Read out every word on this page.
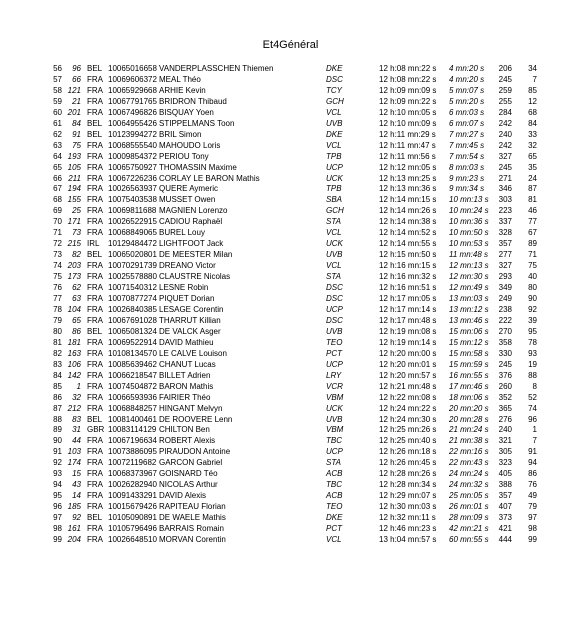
Et4Général
56	96 BEL 10065016658 VANDERPLASSCHEN Thiemen	DKE	12 h:08 mn:22 s 4 mn:20 s	206	34
57	66 FRA 10069606372 MEAL Théo	DSC	12 h:08 mn:22 s 4 mn:20 s	245	7
58 121 FRA 10065929668 ARHIE Kevin	TCY	12 h:09 mn:09 s 5 mn:07 s	259	85
59	21 FRA 10067791765 BRIDRON Thibaud	GCH	12 h:09 mn:22 s 5 mn:20 s	255	12
60 201 FRA 10067496826 BISQUAY Yoen	VCL	12 h:10 mn:05 s 6 mn:03 s	284	68
61	84 BEL 10064955426 STIPPELMANS Toon	UVB	12 h:10 mn:09 s 6 mn:07 s	242	84
62	91 BEL 10123994272 BRIL Simon	DKE	12 h:11 mn:29 s 7 mn:27 s	240	33
63	75 FRA 10068555540 MAHOUDO Loris	VCL	12 h:11 mn:47 s 7 mn:45 s	242	32
64 193 FRA 10009854372 PERIOU Tony	TPB	12 h:11 mn:56 s 7 mn:54 s	327	65
65 105 FRA 10065750927 THOMASSIN Maxime	UCP	12 h:12 mn:05 s 8 mn:03 s	245	35
66 211 FRA 10067226236 CORLAY LE BARON Mathis	UCK	12 h:13 mn:25 s 9 mn:23 s	271	24
67 194 FRA 10026563937 QUERE Aymeric	TPB	12 h:13 mn:36 s 9 mn:34 s	346	87
68 155 FRA 10075403538 MUSSET Owen	SBA	12 h:14 mn:15 s 10 mn:13 s	303	81
69	25 FRA 10069811688 MAGNIEN Lorenzo	GCH	12 h:14 mn:26 s 10 mn:24 s	223	46
70 171 FRA 10026522915 CADIOU Raphaël	STA	12 h:14 mn:38 s 10 mn:36 s	337	77
71	73 FRA 10068849065 BUREL Louy	VCL	12 h:14 mn:52 s 10 mn:50 s	328	67
72 215 IRL 10129484472 LIGHTFOOT Jack	UCK	12 h:14 mn:55 s 10 mn:53 s	357	89
73	82 BEL 10065020801 DE MEESTER Milan	UVB	12 h:15 mn:50 s 11 mn:48 s	277	71
74 203 FRA 10070291739 DREANO Victor	VCL	12 h:16 mn:15 s 12 mn:13 s	327	75
75 173 FRA 10025578880 CLAUSTRE Nicolas	STA	12 h:16 mn:32 s 12 mn:30 s	293	40
76	62 FRA 10071540312 LESNE Robin	DSC	12 h:16 mn:51 s 12 mn:49 s	349	80
77	63 FRA 10070877274 PIQUET Dorian	DSC	12 h:17 mn:05 s 13 mn:03 s	249	90
78 104 FRA 10026840385 LESAGE Corentin	UCP	12 h:17 mn:14 s 13 mn:12 s	238	92
79	65 FRA 10067691028 THARRUT Killian	DSC	12 h:17 mn:48 s 13 mn:46 s	222	39
80	86 BEL 10065081324 DE VALCK Asger	UVB	12 h:19 mn:08 s 15 mn:06 s	270	95
81 181 FRA 10069522914 DAVID Mathieu	TEO	12 h:19 mn:14 s 15 mn:12 s	358	78
82 163 FRA 10108134570 LE CALVE Louison	PCT	12 h:20 mn:00 s 15 mn:58 s	330	93
83 106 FRA 10085639462 CHANUT Lucas	UCP	12 h:20 mn:01 s 15 mn:59 s	245	19
84 142 FRA 10066218547 BILLET Adrien	LRY	12 h:20 mn:57 s 16 mn:55 s	376	88
85	1 FRA 10074504872 BARON Mathis	VCR	12 h:21 mn:48 s 17 mn:46 s	260	8
86	32 FRA 10066593936 FAIRIER Théo	VBM	12 h:22 mn:08 s 18 mn:06 s	352	52
87 212 FRA 10068848257 HINGANT Melvyn	UCK	12 h:24 mn:22 s 20 mn:20 s	365	74
88	83 BEL 10081400461 DE ROOVERE Lenn	UVB	12 h:24 mn:30 s 20 mn:28 s	276	96
89	31 GBR 10083114129 CHILTON Ben	VBM	12 h:25 mn:26 s 21 mn:24 s	240	1
90	44 FRA 10067196634 ROBERT Alexis	TBC	12 h:25 mn:40 s 21 mn:38 s	321	7
91 103 FRA 10073886095 PIRAUDON Antoine	UCP	12 h:26 mn:18 s 22 mn:16 s	305	91
92 174 FRA 10072119682 GARCON Gabriel	STA	12 h:26 mn:45 s 22 mn:43 s	323	94
93	15 FRA 10068373967 GOISNARD Téo	ACB	12 h:28 mn:26 s 24 mn:24 s	405	86
94	43 FRA 10026282940 NICOLAS Arthur	TBC	12 h:28 mn:34 s 24 mn:32 s	388	76
95	14 FRA 10091433291 DAVID Alexis	ACB	12 h:29 mn:07 s 25 mn:05 s	357	49
96 185 FRA 10015679426 RAPITEAU Florian	TEO	12 h:30 mn:03 s 26 mn:01 s	407	79
97	92 BEL 10105090891 DE WAELE Mathis	DKE	12 h:32 mn:11 s 28 mn:09 s	373	97
98 161 FRA 10105796496 BARRAIS Romain	PCT	12 h:46 mn:23 s 42 mn:21 s	421	98
99 204 FRA 10026648510 MORVAN Corentin	VCL	13 h:04 mn:57 s 60 mn:55 s	444	99
